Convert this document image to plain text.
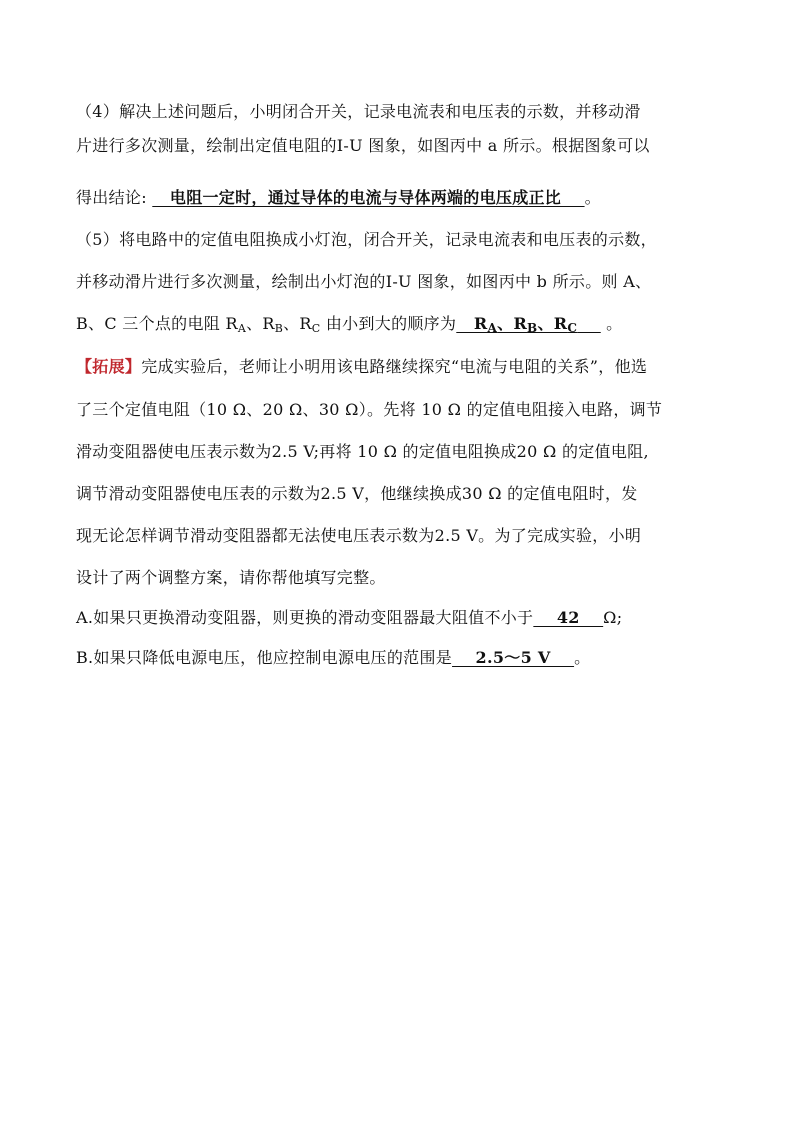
（4）解决上述问题后，小明闭合开关，记录电流表和电压表的示数，并移动滑
片进行多次测量，绘制出定值电阻的I-U 图象，如图丙中 a 所示。根据图象可以
得出结论:    电阻一定时，通过导体的电流与导体两端的电压成正比    。
（5）将电路中的定值电阻换成小灯泡，闭合开关，记录电流表和电压表的示数，
并移动滑片进行多次测量，绘制出小灯泡的I-U 图象，如图丙中 b 所示。则 A、
B、C 三个点的电阻 $R_A$、$R_B$、$R_C$ 由小到大的顺序为   $R_A$、$R_B$、$R_C$     。
【拓展】完成实验后，老师让小明用该电路继续探究“电流与电阻的关系”，他选
了三个定值电阻（10 Ω、20 Ω、30 Ω）。先将 10 Ω 的定值电阻接入电路，调节
滑动变阻器使电压表示数为2.5 V;再将 10 Ω 的定值电阻换成20 Ω 的定值电阻,
调节滑动变阻器使电压表的示数为2.5 V，他继续换成30 Ω 的定值电阻时，发
现无论怎样调节滑动变阻器都无法使电压表示数为2.5 V。为了完成实验，小明
设计了两个调整方案，请你帮他填写完整。
A.如果只更换滑动变阻器，则更换的滑动变阻器最大阻值不小于    42    Ω;
B.如果只降低电源电压，他应控制电源电压的范围是    2.5～5 V    。
